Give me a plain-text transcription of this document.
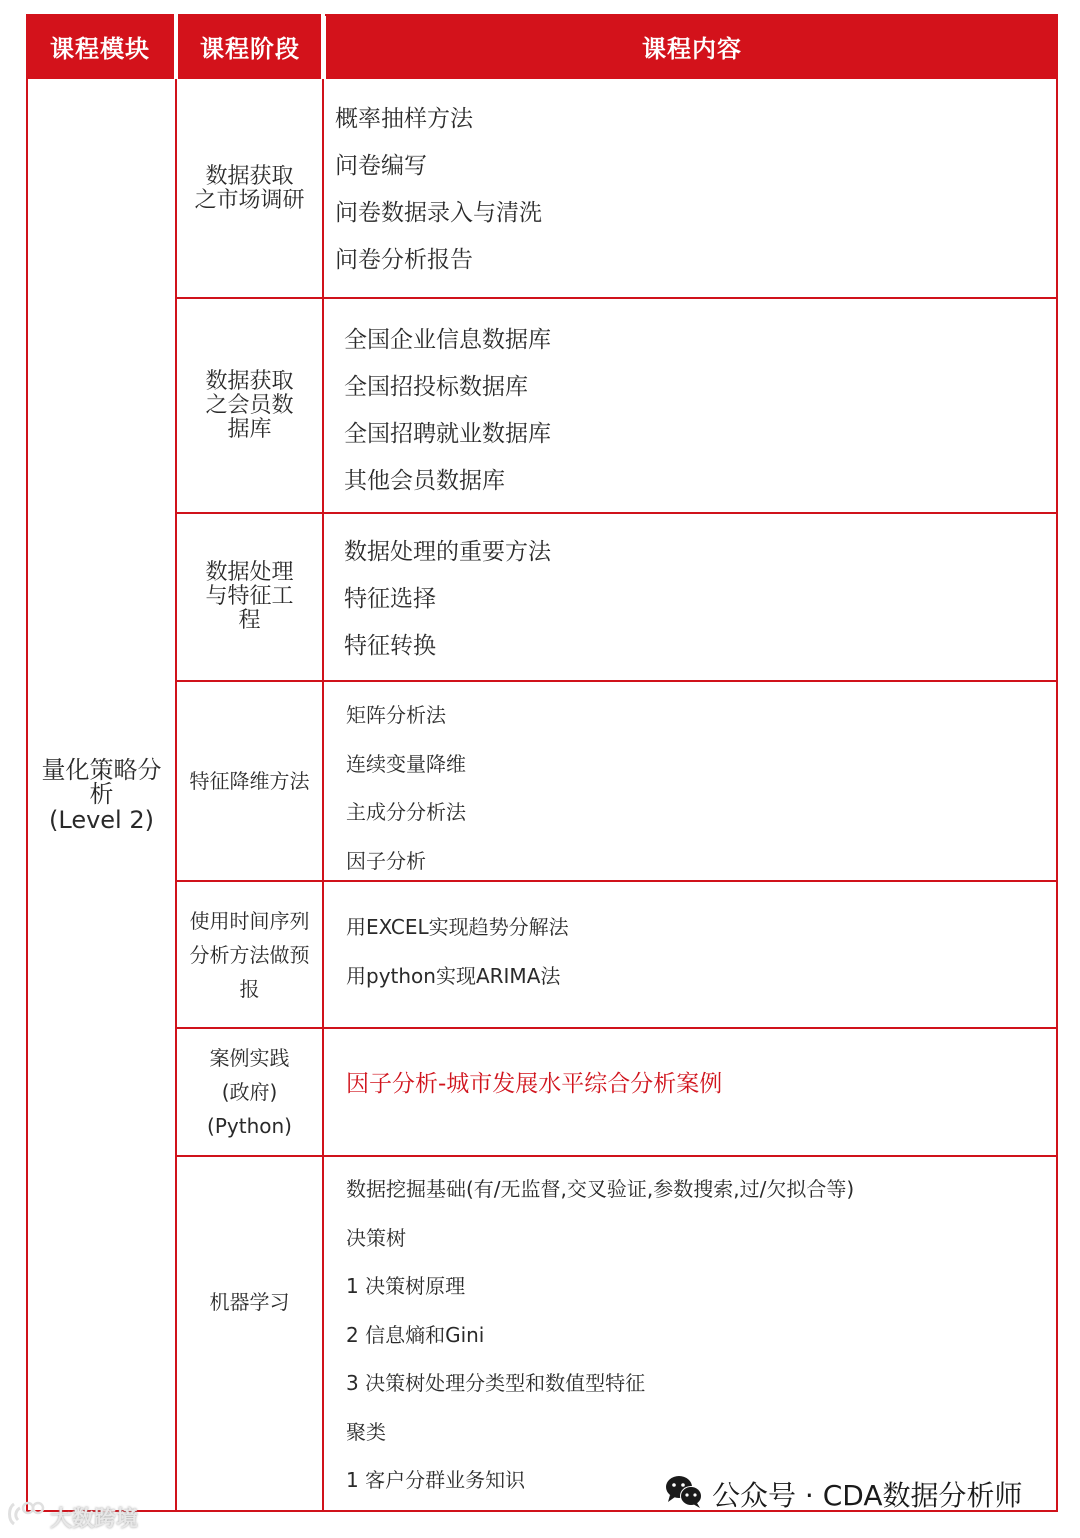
课程模块 课程阶段	课程内容
量化策略分
析
(Level 2)
数据获取
之市场调研
概率抽样方法
问卷编写
问卷数据录入与清洗
问卷分析报告
数据获取
之会员数
据库
全国企业信息数据库
全国招投标数据库
全国招聘就业数据库
其他会员数据库
数据处理
与特征工
程
数据处理的重要方法
特征选择
特征转换
特征降维方法
矩阵分析法
连续变量降维
主成分分析法
因子分析
使用时间序列
分析方法做预
报
用EXCEL实现趋势分解法
用python实现ARIMA法
案例实践
(政府)
(Python)
因子分析-城市发展水平综合分析案例
机器学习
数据挖掘基础(有/无监督,交叉验证,参数搜索,过/欠拟合等)
决策树
1 决策树原理
2 信息熵和Gini
3 决策树处理分类型和数值型特征
聚类
1 客户分群业务知识
大数跨境
公众号 · CDA数据分析师
